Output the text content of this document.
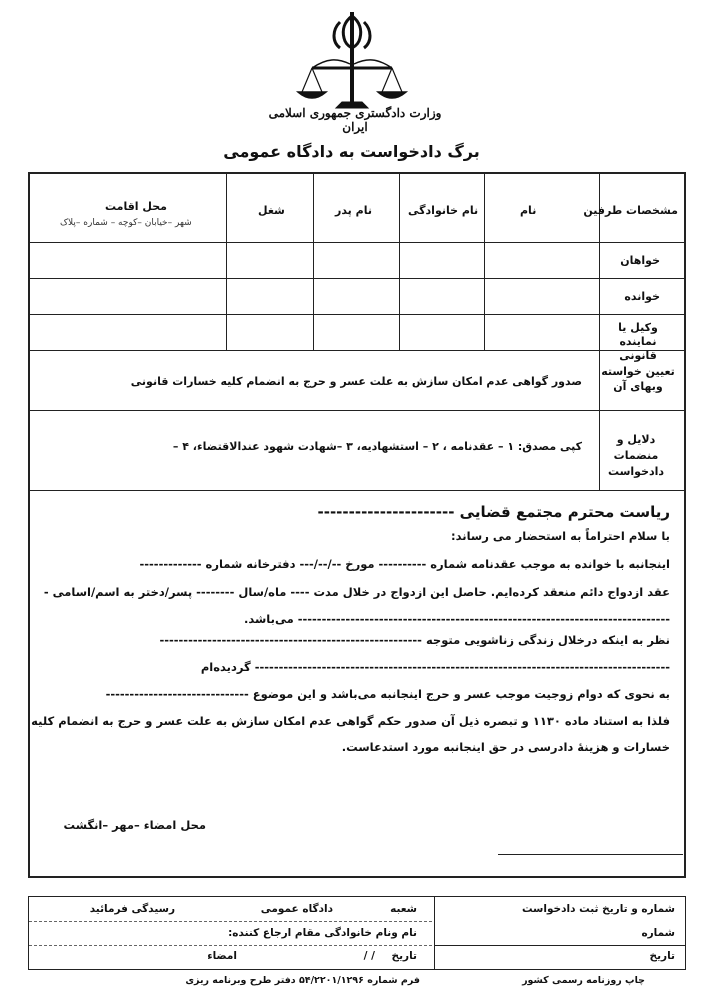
وزارت دادگستری جمهوری اسلامی ایران
برگ دادخواست به دادگاه عمومی
مشخصات طرفین
نام
نام خانوادگی
نام پدر
شغل
محل اقامت
شهر –خیابان –کوچه – شماره –پلاک
خواهان
خوانده
وکیل یا نماینده قانونی
تعیین خواسته وبهای آن
صدور گواهی عدم امکان سازش به علت عسر و حرج به انضمام کلیه خسارات قانونی
دلایل و منضمات دادخواست
کپی مصدق: ۱ – عقدنامه ، ۲ – استشهادیه، ۳ –شهادت شهود عندالاقتضاء، ۴ –
ریاست محترم مجتمع قضایی ----------------------
با سلام احتراماً به استحضار می رساند:
اینجانبه با خوانده به موجب عقدنامه شماره ---------- مورخ --/--/--- دفترخانه شماره -------------
عقد ازدواج دائم منعقد کرده‌ایم. حاصل این ازدواج در خلال مدت ---- ماه/سال -------- پسر/دختر به اسم/اسامی -
------------------------------------------------------------------------------ می‌باشد.
نظر به اینکه درخلال زندگی زناشویی متوجه -------------------------------------------------------
--------------------------------------------------------------------------------------- گردیده‌ام
به نحوی که دوام زوجیت موجب عسر و حرج اینجانبه می‌باشد و این موضوع ------------------------------
فلذا به استناد ماده ۱۱۳۰ و تبصره ذیل آن صدور حکم گواهی عدم امکان سازش به علت عسر و حرج به انضمام کلیه
خسارات و هزینهٔ دادرسی در حق اینجانبه مورد استدعاست.
محل امضاء –مهر –انگشت
شماره و تاریخ ثبت دادخواست
شماره
تاریخ
شعبه
دادگاه عمومی
رسیدگی فرمائید
نام ونام خانوادگی مقام ارجاع کننده:
تاریخ
/ /
امضاء
چاپ روزنامه رسمی کشور
فرم شماره ۵۴/۲۲۰۱/۱۲۹۶ دفتر طرح وبرنامه ریزی
